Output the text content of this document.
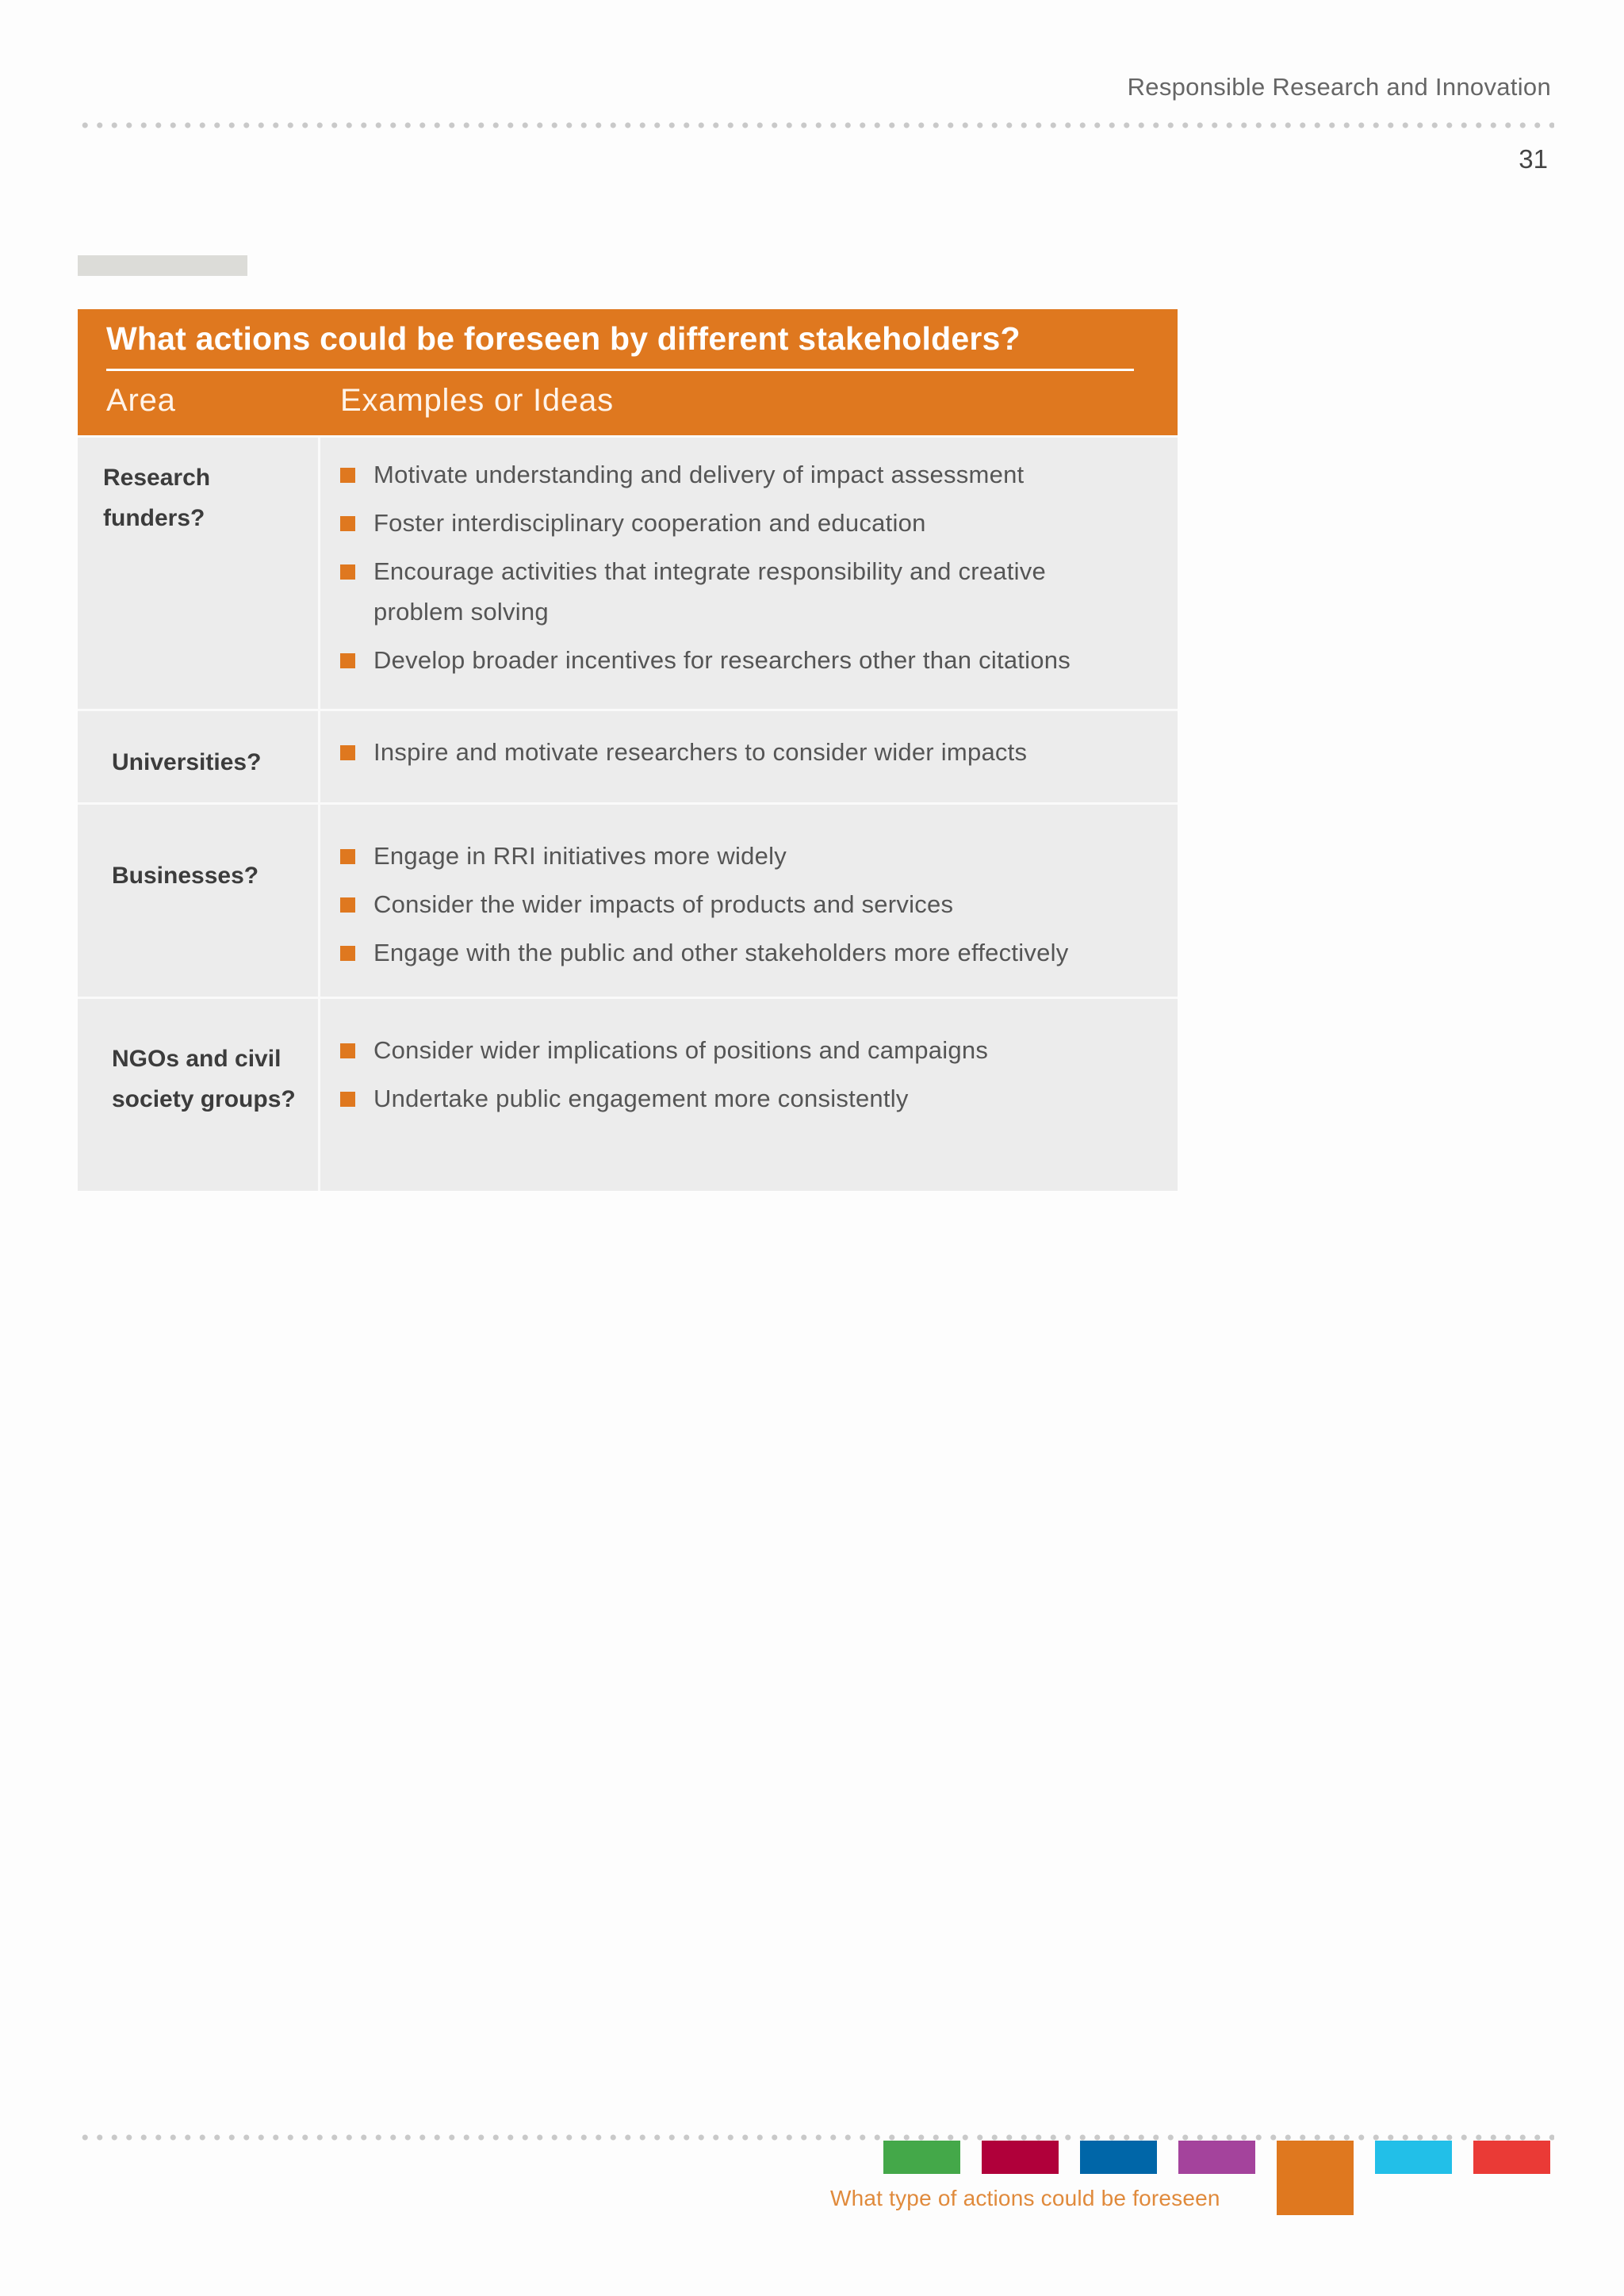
Responsible Research and Innovation
31
What actions could be foreseen by different stakeholders?
Area	Examples or Ideas
Research funders?
Motivate understanding and delivery of impact assessment
Foster interdisciplinary cooperation and education
Encourage activities that integrate responsibility and creative problem solving
Develop broader incentives for researchers other than citations
Universities?	Inspire and motivate researchers to consider wider impacts
Businesses?
Engage in RRI initiatives more widely
Consider the wider impacts of products and services
Engage with the public and other stakeholders more effectively
NGOs and civil society groups?
Consider wider implications of positions and campaigns
Undertake public engagement more consistently
What type of actions could be foreseen
